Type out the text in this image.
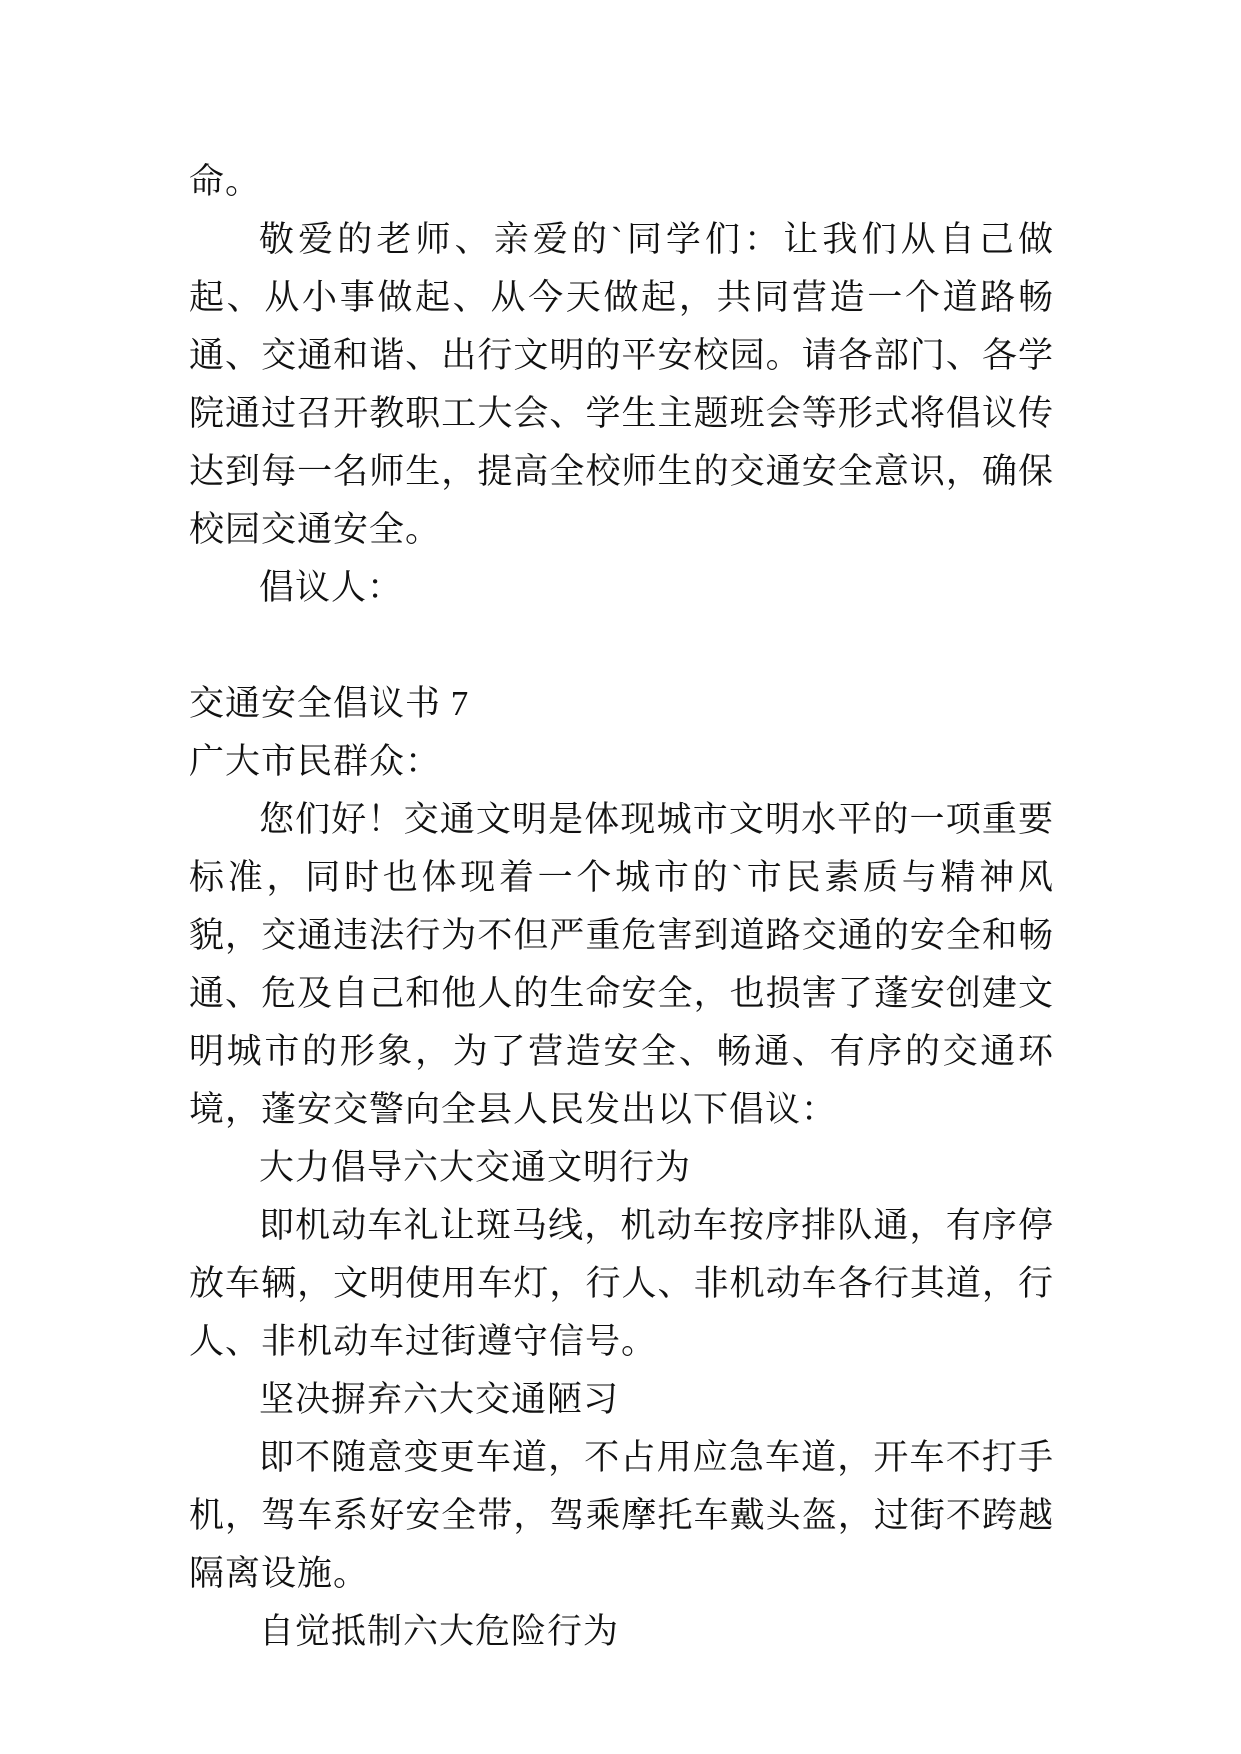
命。

敬爱的老师、亲爱的`同学们：让我们从自己做起、从小事做起、从今天做起，共同营造一个道路畅通、交通和谐、出行文明的平安校园。请各部门、各学院通过召开教职工大会、学生主题班会等形式将倡议传达到每一名师生，提高全校师生的交通安全意识，确保校园交通安全。

倡议人：

交通安全倡议书 7

广大市民群众：

您们好！交通文明是体现城市文明水平的一项重要标准，同时也体现着一个城市的`市民素质与精神风貌，交通违法行为不但严重危害到道路交通的安全和畅通、危及自己和他人的生命安全，也损害了蓬安创建文明城市的形象，为了营造安全、畅通、有序的交通环境，蓬安交警向全县人民发出以下倡议：

大力倡导六大交通文明行为

即机动车礼让斑马线，机动车按序排队通，有序停放车辆，文明使用车灯，行人、非机动车各行其道，行人、非机动车过街遵守信号。

坚决摒弃六大交通陋习

即不随意变更车道，不占用应急车道，开车不打手机，驾车系好安全带，驾乘摩托车戴头盔，过街不跨越隔离设施。

自觉抵制六大危险行为
